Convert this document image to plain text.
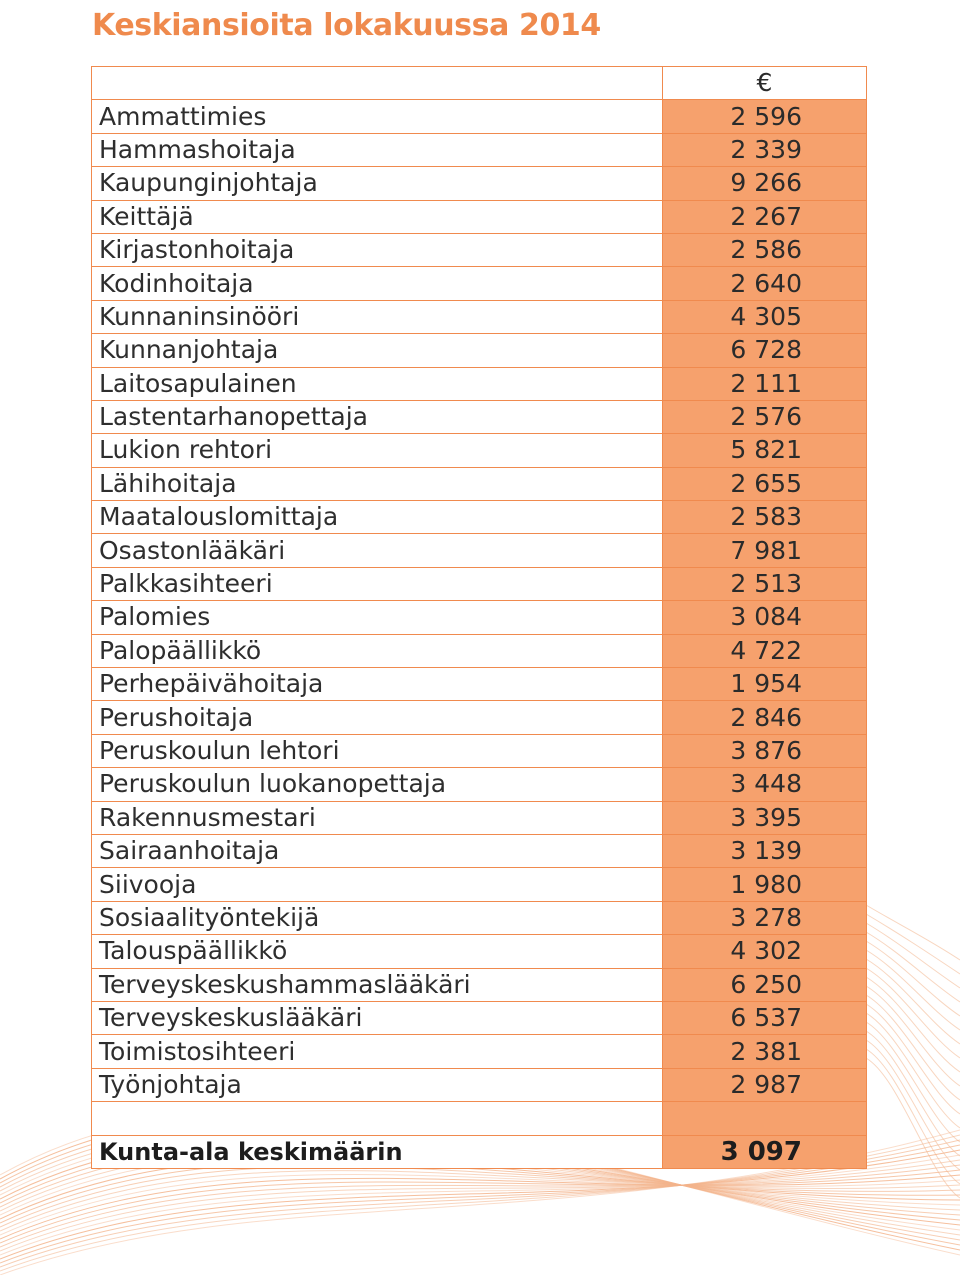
Keskiansioita lokakuussa 2014
	€
Ammattimies	2 596
Hammashoitaja	2 339
Kaupunginjohtaja	9 266
Keittäjä	2 267
Kirjastonhoitaja	2 586
Kodinhoitaja	2 640
Kunnaninsinööri	4 305
Kunnanjohtaja	6 728
Laitosapulainen	2 111
Lastentarhanopettaja	2 576
Lukion rehtori	5 821
Lähihoitaja	2 655
Maatalouslomittaja	2 583
Osastonlääkäri	7 981
Palkkasihteeri	2 513
Palomies	3 084
Palopäällikkö	4 722
Perhepäivähoitaja	1 954
Perushoitaja	2 846
Peruskoulun lehtori	3 876
Peruskoulun luokanopettaja	3 448
Rakennusmestari	3 395
Sairaanhoitaja	3 139
Siivooja	1 980
Sosiaalityöntekijä	3 278
Talouspäällikkö	4 302
Terveyskeskushammaslääkäri	6 250
Terveyskeskuslääkäri	6 537
Toimistosihteeri	2 381
Työnjohtaja	2 987

Kunta-ala keskimäärin	3 097
